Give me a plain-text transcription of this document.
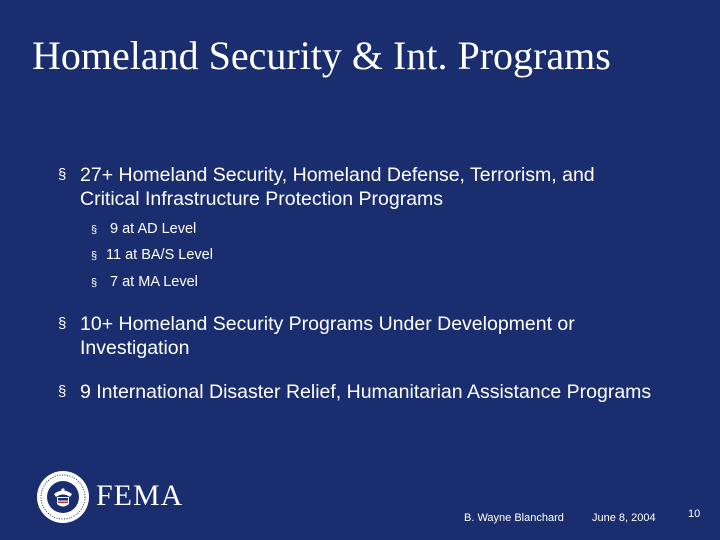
Homeland Security & Int. Programs
§ 27+ Homeland Security, Homeland Defense, Terrorism, and Critical Infrastructure Protection Programs
§ 9 at AD Level
§ 11 at BA/S Level
§ 7 at MA Level
§ 10+ Homeland Security Programs Under Development or Investigation
§ 9 International Disaster Relief, Humanitarian Assistance Programs
FEMA
B. Wayne Blanchard	June 8, 2004	10
